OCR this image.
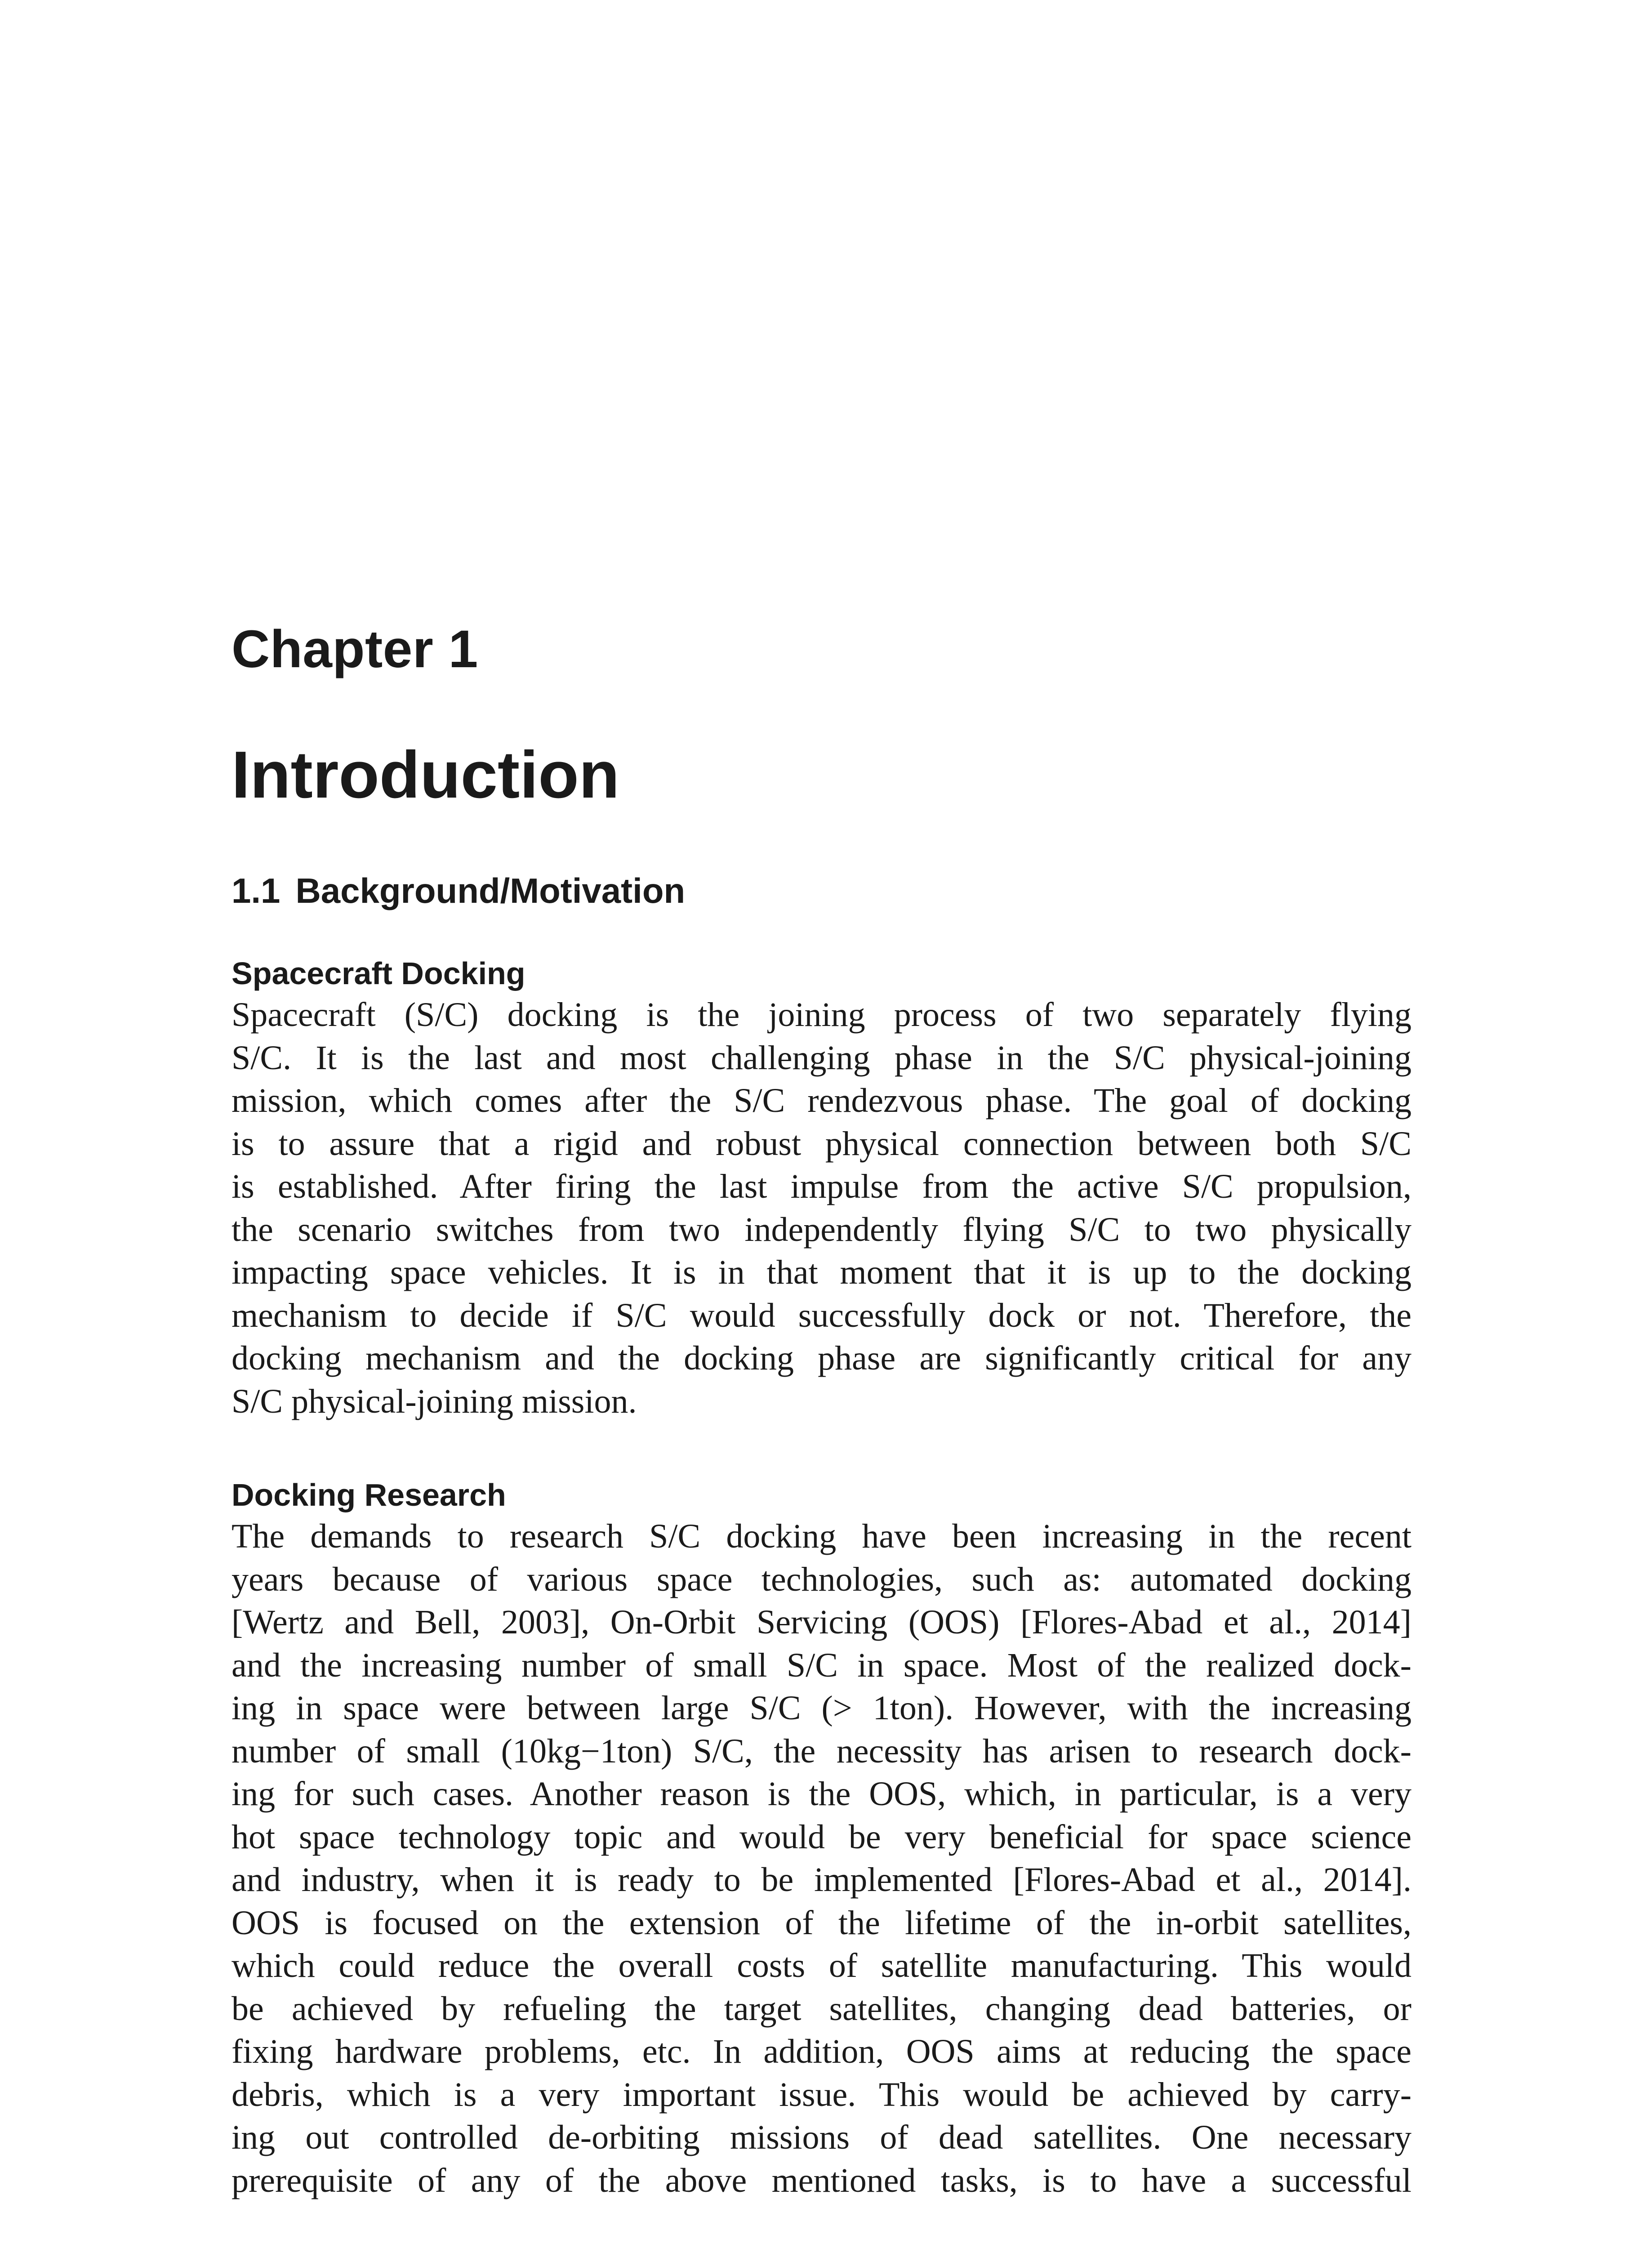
Chapter 1
Introduction
1.1 Background/Motivation
Spacecraft Docking
Spacecraft (S/C) docking is the joining process of two separately flying
S/C. It is the last and most challenging phase in the S/C physical-joining
mission, which comes after the S/C rendezvous phase. The goal of docking
is to assure that a rigid and robust physical connection between both S/C
is established. After firing the last impulse from the active S/C propulsion,
the scenario switches from two independently flying S/C to two physically
impacting space vehicles. It is in that moment that it is up to the docking
mechanism to decide if S/C would successfully dock or not. Therefore, the
docking mechanism and the docking phase are significantly critical for any
S/C physical-joining mission.
Docking Research
The demands to research S/C docking have been increasing in the recent
years because of various space technologies, such as: automated docking
[Wertz and Bell, 2003], On-Orbit Servicing (OOS) [Flores-Abad et al., 2014]
and the increasing number of small S/C in space. Most of the realized dock-
ing in space were between large S/C (> 1ton). However, with the increasing
number of small (10kg−1ton) S/C, the necessity has arisen to research dock-
ing for such cases. Another reason is the OOS, which, in particular, is a very
hot space technology topic and would be very beneficial for space science
and industry, when it is ready to be implemented [Flores-Abad et al., 2014].
OOS is focused on the extension of the lifetime of the in-orbit satellites,
which could reduce the overall costs of satellite manufacturing. This would
be achieved by refueling the target satellites, changing dead batteries, or
fixing hardware problems, etc. In addition, OOS aims at reducing the space
debris, which is a very important issue. This would be achieved by carry-
ing out controlled de-orbiting missions of dead satellites. One necessary
prerequisite of any of the above mentioned tasks, is to have a successful
